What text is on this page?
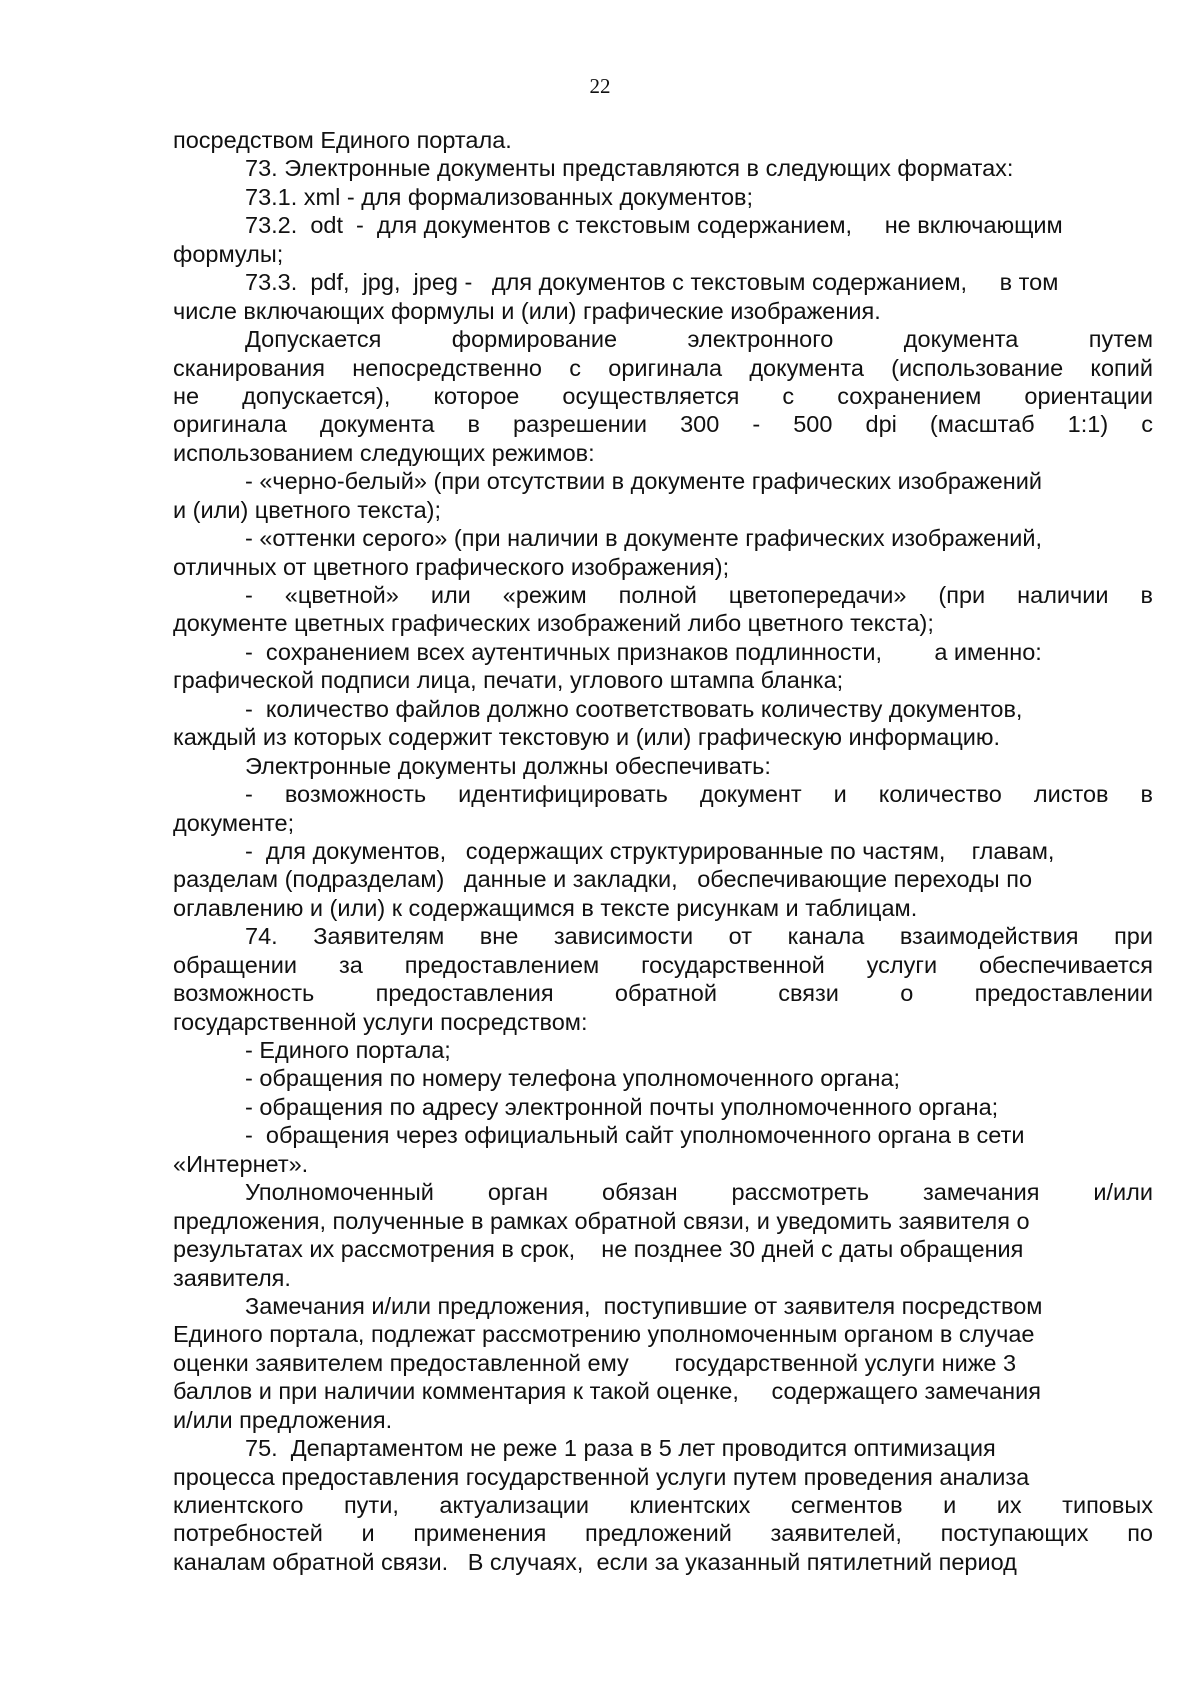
22
посредством Единого портала.
73. Электронные документы представляются в следующих форматах:
73.1. xml - для формализованных документов;
73.2.  odt  -  для документов с текстовым содержанием,     не включающим
формулы;
73.3.  pdf,  jpg,  jpeg -   для документов с текстовым содержанием,     в том
числе включающих формулы и (или) графические изображения.
Допускается формирование электронного документа путем
сканирования непосредственно с оригинала документа (использование копий
не допускается), которое осуществляется с сохранением ориентации
оригинала документа в разрешении 300 - 500 dpi (масштаб 1:1) с
использованием следующих режимов:
- «черно-белый» (при отсутствии в документе графических изображений
и (или) цветного текста);
- «оттенки серого» (при наличии в документе графических изображений,
отличных от цветного графического изображения);
- «цветной» или «режим полной цветопередачи» (при наличии в
документе цветных графических изображений либо цветного текста);
-  сохранением всех аутентичных признаков подлинности,        а именно:
графической подписи лица, печати, углового штампа бланка;
-  количество файлов должно соответствовать количеству документов,
каждый из которых содержит текстовую и (или) графическую информацию.
Электронные документы должны обеспечивать:
- возможность идентифицировать документ и количество листов в
документе;
-  для документов,   содержащих структурированные по частям,    главам,
разделам (подразделам)   данные и закладки,   обеспечивающие переходы по
оглавлению и (или) к содержащимся в тексте рисункам и таблицам.
74. Заявителям вне зависимости от канала взаимодействия при
обращении за предоставлением государственной услуги обеспечивается
возможность предоставления обратной связи о предоставлении
государственной услуги посредством:
- Единого портала;
- обращения по номеру телефона уполномоченного органа;
- обращения по адресу электронной почты уполномоченного органа;
-  обращения через официальный сайт уполномоченного органа в сети
«Интернет».
Уполномоченный орган обязан рассмотреть замечания и/или
предложения, полученные в рамках обратной связи, и уведомить заявителя о
результатах их рассмотрения в срок,    не позднее 30 дней с даты обращения
заявителя.
Замечания и/или предложения,  поступившие от заявителя посредством
Единого портала, подлежат рассмотрению уполномоченным органом в случае
оценки заявителем предоставленной ему       государственной услуги ниже 3
баллов и при наличии комментария к такой оценке,     содержащего замечания
и/или предложения.
75.  Департаментом не реже 1 раза в 5 лет проводится оптимизация
процесса предоставления государственной услуги путем проведения анализа
клиентского пути, актуализации клиентских сегментов и их типовых
потребностей и применения предложений заявителей, поступающих по
каналам обратной связи.   В случаях,  если за указанный пятилетний период
